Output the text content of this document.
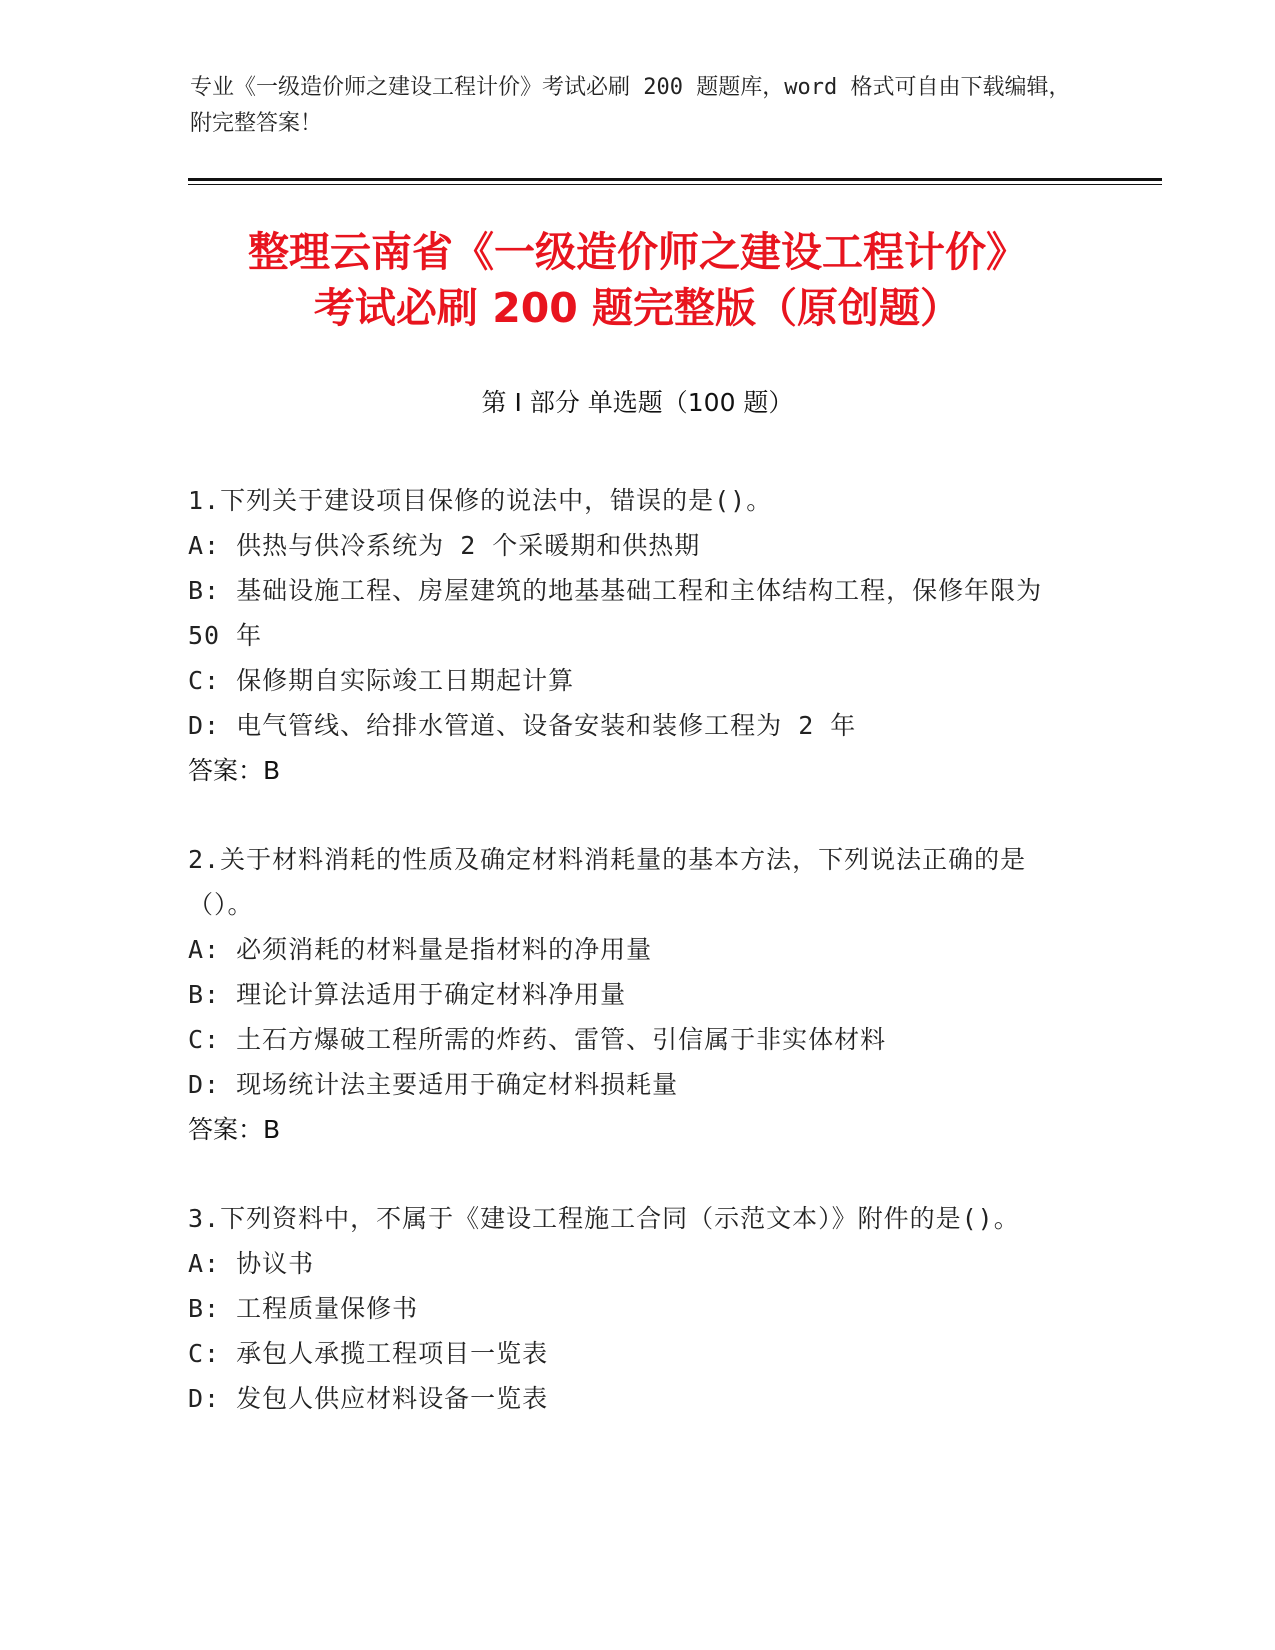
专业《一级造价师之建设工程计价》考试必刷 200 题题库，word 格式可自由下载编辑，附完整答案！
整理云南省《一级造价师之建设工程计价》
考试必刷 200 题完整版（原创题）
第 I 部分 单选题（100 题）
1.下列关于建设项目保修的说法中，错误的是()。
A: 供热与供冷系统为 2 个采暖期和供热期
B: 基础设施工程、房屋建筑的地基基础工程和主体结构工程，保修年限为 50 年
C: 保修期自实际竣工日期起计算
D: 电气管线、给排水管道、设备安装和装修工程为 2 年
答案：B
2.关于材料消耗的性质及确定材料消耗量的基本方法，下列说法正确的是（）。
A: 必须消耗的材料量是指材料的净用量
B: 理论计算法适用于确定材料净用量
C: 土石方爆破工程所需的炸药、雷管、引信属于非实体材料
D: 现场统计法主要适用于确定材料损耗量
答案：B
3.下列资料中，不属于《建设工程施工合同（示范文本）》附件的是()。
A: 协议书
B: 工程质量保修书
C: 承包人承揽工程项目一览表
D: 发包人供应材料设备一览表
